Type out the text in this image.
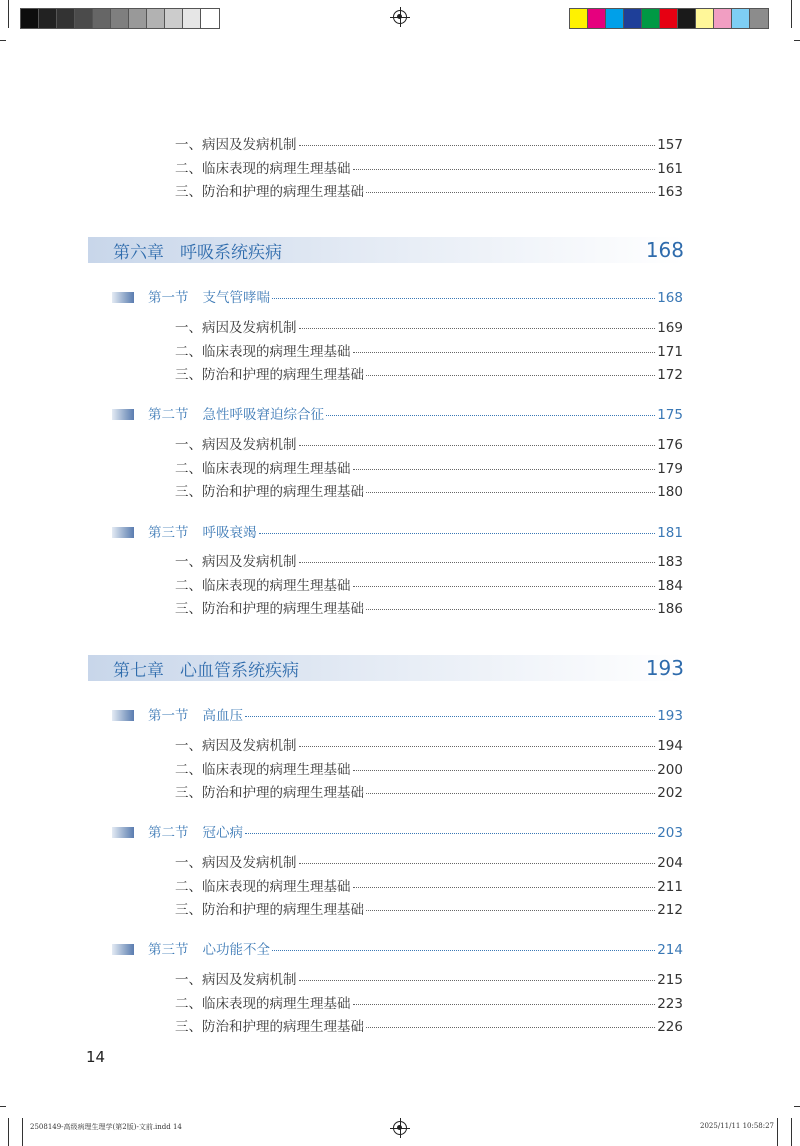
一、病因及发病机制	157
二、临床表现的病理生理基础	161
三、防治和护理的病理生理基础	163
第六章 呼吸系统疾病	168
第一节 支气管哮喘	168
一、病因及发病机制	169
二、临床表现的病理生理基础	171
三、防治和护理的病理生理基础	172
第二节 急性呼吸窘迫综合征	175
一、病因及发病机制	176
二、临床表现的病理生理基础	179
三、防治和护理的病理生理基础	180
第三节 呼吸衰竭	181
一、病因及发病机制	183
二、临床表现的病理生理基础	184
三、防治和护理的病理生理基础	186
第七章 心血管系统疾病	193
第一节 高血压	193
一、病因及发病机制	194
二、临床表现的病理生理基础	200
三、防治和护理的病理生理基础	202
第二节 冠心病	203
一、病因及发病机制	204
二、临床表现的病理生理基础	211
三、防治和护理的病理生理基础	212
第三节 心功能不全	214
一、病因及发病机制	215
二、临床表现的病理生理基础	223
三、防治和护理的病理生理基础	226
14
2508149-高级病理生理学(第2版)-文前.indd 14	2025/11/11 10:58:27
